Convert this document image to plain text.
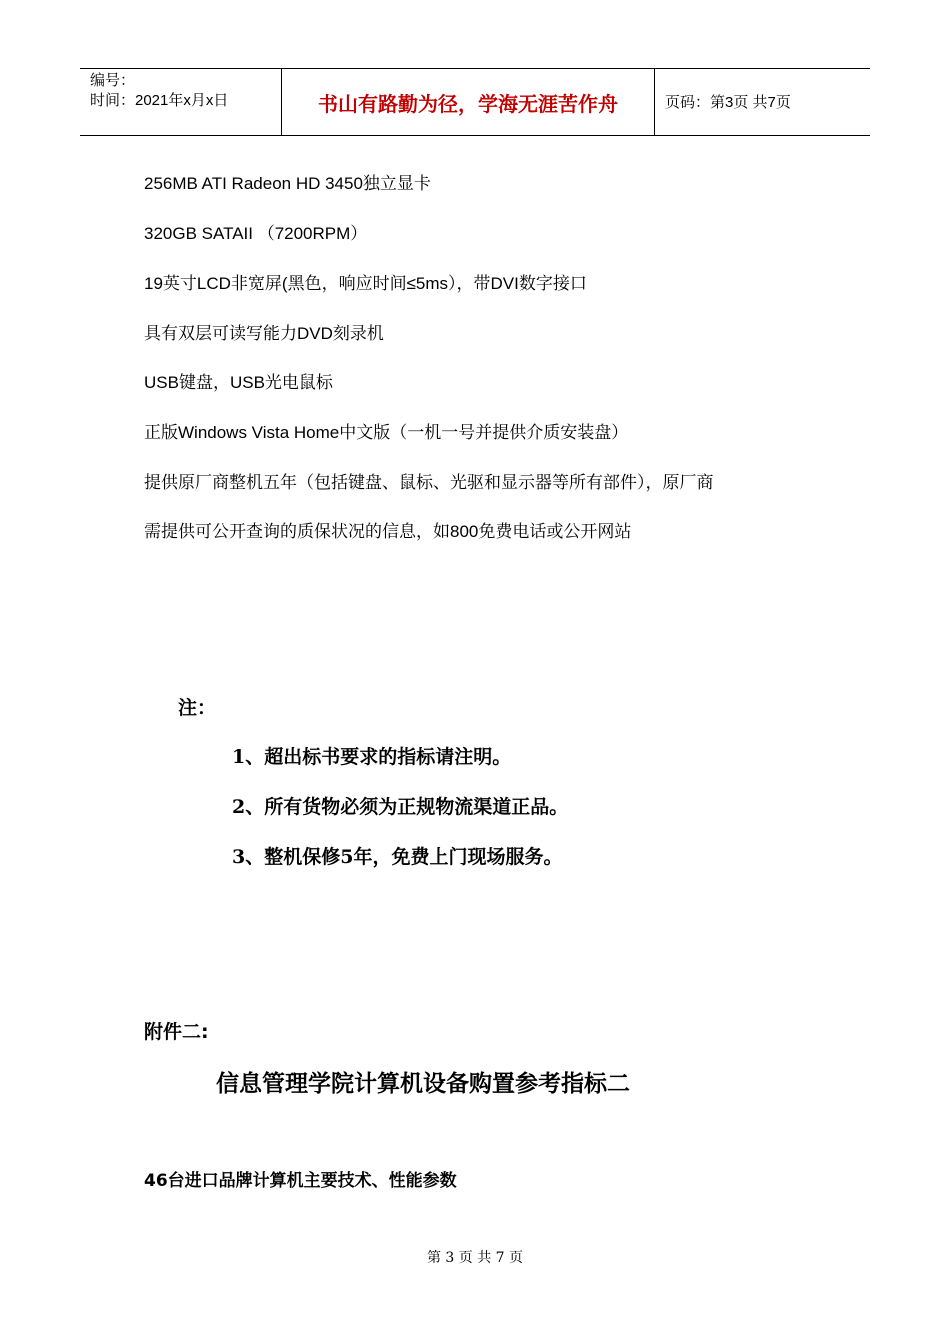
编号：
时间：2021年x月x日	书山有路勤为径，学海无涯苦作舟	页码：第3页 共7页
256MB ATI Radeon HD 3450独立显卡
320GB SATAII （7200RPM）
19英寸LCD非宽屏(黑色，响应时间≤5ms），带DVI数字接口
具有双层可读写能力DVD刻录机
USB键盘，USB光电鼠标
正版Windows Vista Home中文版（一机一号并提供介质安装盘）
提供原厂商整机五年（包括键盘、鼠标、光驱和显示器等所有部件），原厂商
需提供可公开查询的质保状况的信息，如800免费电话或公开网站
注：
1、超出标书要求的指标请注明。
2、所有货物必须为正规物流渠道正品。
3、整机保修5年，免费上门现场服务。
附件二:
信息管理学院计算机设备购置参考指标二
46台进口品牌计算机主要技术、性能参数
第 3 页 共 7 页
